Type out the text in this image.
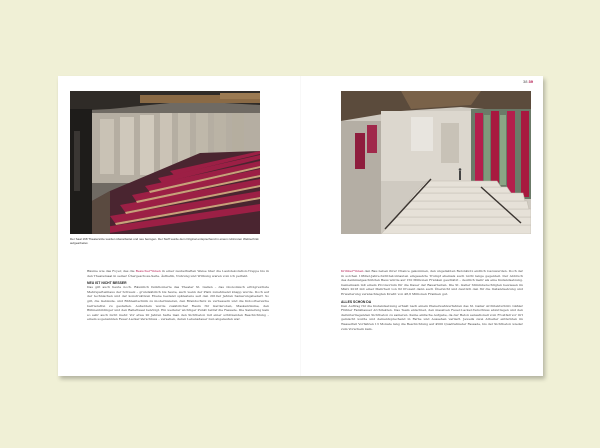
38 39
Der Saal 168 Theatersitze wurden überarbeitet und neu bezogen. Der Stoff wurde dem Original entsprechend in einem rubinroten Webtechnik aufgearbeitet.

Bäume wie das Foyer, das die Besucher*innen in einer zauberhaften Weise über die Laubdekoration-Treppe bis in den Theatersaal in seiner Übergeschoss-Seite. Ästhetik, Nutzung und Wirkung waren vom ich perfekt.

NEU IST NICHT BESSER
Das gilt auch heute noch. Räumlich funktionierte das Theater St. Gallen – das ökonomisch erfolgreichste Mehrspartenhaus der Schweiz – grundsätzlich bis heute, auch wenn der Platz zunehmend knapp wurde. Doch auf der technischen und der konstruktiven Ebene bestand spätestens seit den 2010er Jahren Sanierungsbedarf. So gilt, die Gebäude- und Bühnentechnik zu modernisieren, den Brandschutz zu verbessern und die Indoorbereiche barrierefrei zu gestalten. Außerdem wurde zusätzlicher Raum für Garderoben, Maskenräume, den Bühnenbildinger und den Ballettsaal benötigt. Ein weiterer wichtiger Punkt betraf die Fassade. Die Sanierung kam so sehr auch nicht mehr. Vor etwa 20 Jahren hatte man den Sichtbeton mit einer schützenden Beschichtung – einem sogenannten Feuer-Lacker-Verschluss – versehen, deren Lebensdauer nun abgelaufen war.

Kritiker*innen den Bau neben ihrer Chance gekommen, den ungeliebten Betonklotz endlich loszuwerden. Doch der in solchen 1960er-Jahre-Sichtbetonbauten eingesetzte Trumpf ehemals auch nicht lange gegenteil. Der Abbruch des denkmalgeschützten Baus würde auf 150 Millionen Franken geschätzt – deutlich mehr als eine Instandsetzung. Gemeinsam mit einem Provisorium für die Dauer der Bauarbeiten. Die St. Galler Stimmberechtigten bewiesen im März 2018 mit einer Mehrheit von 62 Prozent dann auch Übersicht und deutlich den für die Instandsetzung und Erweiterung veranschlagten Kredit von 48,6 Millionen Franken gut.

ALLES SCHON DA
Den Auftrag für die Instandsetzung erhielt nach einem Planerwahlverfahren das St. Galler Architekturbüro Gähler Flühler Fankhauser Architekten. Das Team entschied, den massiven Feuer-Lacker-Verschluss abzutragen und den darunterliegenden Sichtbeton zu sanieren. Keine einfache Aufgabe, da der Beton sensationell vom Frostfall vor Ort gemischt wurde und dementsprechend in Farbe und Aussehen variiert. Jeweils zwei Arbeiter entfernten im Wasserfeil Vorfahren 13 Monate lang die Beschichtung auf 4500 Quadratmeter Fassade, bis der Sichtbeton wieder zum Vorschein kam.
